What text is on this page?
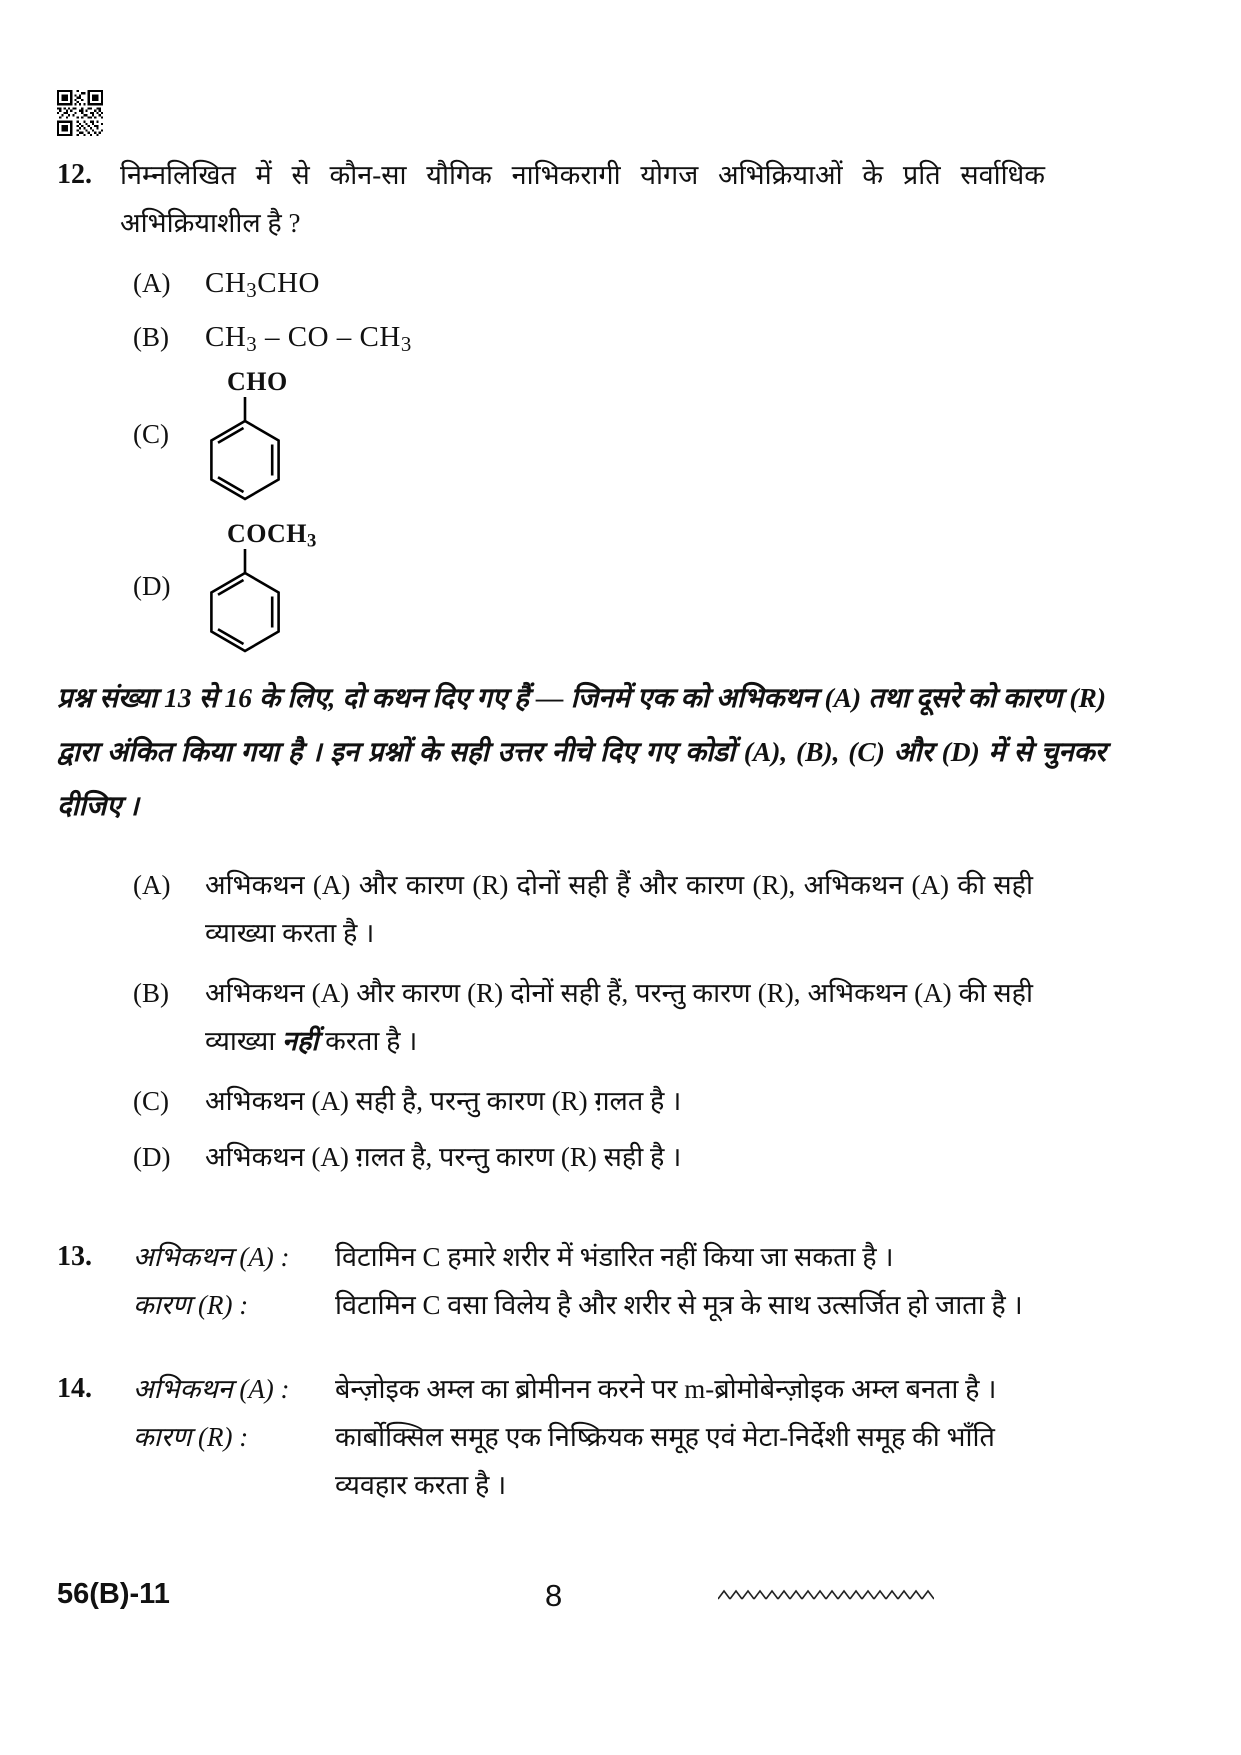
12.	निम्नलिखित में से कौन-सा यौगिक नाभिकरागी योगज अभिक्रियाओं के प्रति सर्वाधिक अभिक्रियाशील है ?
(A)	$CH_3CHO$
(B)	$CH_3$ – CO – $CH_3$
(C)
CHO
(D)
$COCH_3$
प्रश्न संख्या 13 से 16 के लिए, दो कथन दिए गए हैं — जिनमें एक को अभिकथन (A) तथा दूसरे को कारण (R) द्वारा अंकित किया गया है । इन प्रश्नों के सही उत्तर नीचे दिए गए कोडों (A), (B), (C) और (D) में से चुनकर दीजिए ।
(A)	अभिकथन (A) और कारण (R) दोनों सही हैं और कारण (R), अभिकथन (A) की सही व्याख्या करता है ।
(B)	अभिकथन (A) और कारण (R) दोनों सही हैं, परन्तु कारण (R), अभिकथन (A) की सही व्याख्या नहीं करता है ।
(C)	अभिकथन (A) सही है, परन्तु कारण (R) ग़लत है ।
(D)	अभिकथन (A) ग़लत है, परन्तु कारण (R) सही है ।
13.	अभिकथन (A) :	विटामिन C हमारे शरीर में भंडारित नहीं किया जा सकता है ।
कारण (R) :	विटामिन C वसा विलेय है और शरीर से मूत्र के साथ उत्सर्जित हो जाता है ।
14.	अभिकथन (A) :	बेन्ज़ोइक अम्ल का ब्रोमीनन करने पर m-ब्रोमोबेन्ज़ोइक अम्ल बनता है ।
कारण (R) :	कार्बोक्सिल समूह एक निष्क्रियक समूह एवं मेटा-निर्देशी समूह की भाँति व्यवहार करता है ।
56(B)-11	8
